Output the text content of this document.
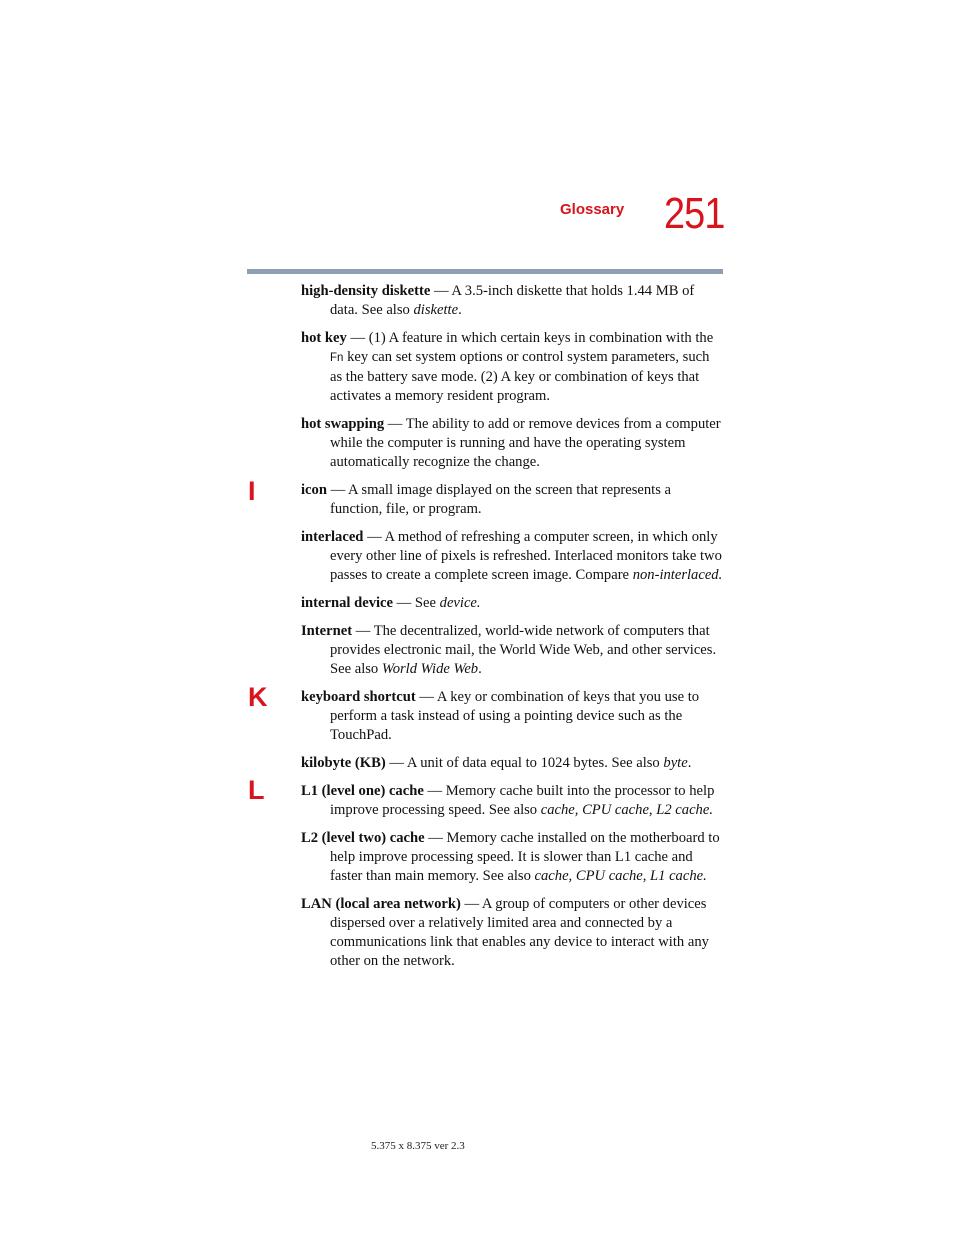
Glossary 251
I
K
L

high-density diskette — A 3.5-inch diskette that holds 1.44 MB of data. See also diskette.

hot key — (1) A feature in which certain keys in combination with the
Fn key can set system options or control system parameters, such as the battery save mode. (2) A key or combination of keys that activates a memory resident program.

hot swapping — The ability to add or remove devices from a computer while the computer is running and have the operating system automatically recognize the change.

icon — A small image displayed on the screen that represents a function, file, or program.

interlaced — A method of refreshing a computer screen, in which only every other line of pixels is refreshed. Interlaced monitors take two passes to create a complete screen image. Compare non-interlaced.

internal device — See device.

Internet — The decentralized, world-wide network of computers that provides electronic mail, the World Wide Web, and other services. See also World Wide Web.

keyboard shortcut — A key or combination of keys that you use to perform a task instead of using a pointing device such as the TouchPad.

kilobyte (KB) — A unit of data equal to 1024 bytes. See also byte.

L1 (level one) cache — Memory cache built into the processor to help improve processing speed. See also cache, CPU cache, L2 cache.

L2 (level two) cache — Memory cache installed on the motherboard to help improve processing speed. It is slower than L1 cache and faster than main memory. See also cache, CPU cache, L1 cache.

LAN (local area network) — A group of computers or other devices dispersed over a relatively limited area and connected by a communications link that enables any device to interact with any other on the network.

5.375 x 8.375 ver 2.3
